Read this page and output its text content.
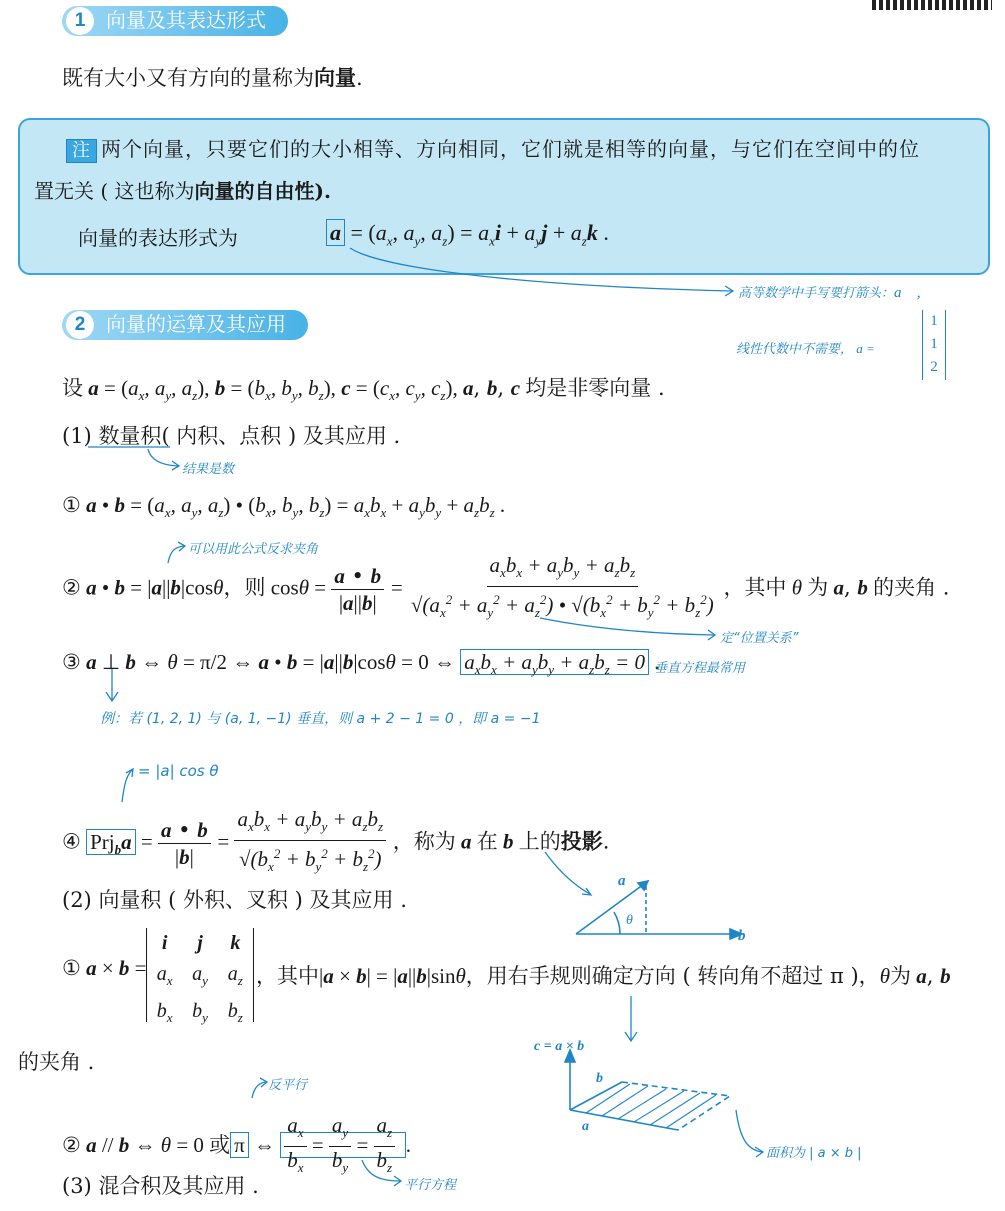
1	向量及其表达形式
既有大小又有方向的量称为向量.
注 两个向量，只要它们的大小相等、方向相同，它们就是相等的向量，与它们在空间中的位
置无关 ( 这也称为向量的自由性).
向量的表达形式为	$a = (a_x$, $a_y$, $a_z) = a_xi + a_yj + a_zk$ .
高等数学中手写要打箭头：a⃗ ,
2	向量的运算及其应用
线性代数中不需要， a =
1
1
2
设 $a = (a_x$, $a_y$, $a_z$), $b = (b_x$, $b_y$, $b_z$), $c = (c_x$, $c_y$, $c_z$), a, b, c 均是非零向量 .
(1) 数量积( 内积、点积 ) 及其应用 .
结果是数
① a • $b = (a_x$, $a_y$, $a_z$) • ($b_x$, $b_y$, $b_z) = a_xb_x + a_yb_y + a_zb_z$ .
可以用此公式反求夹角
② a • b = |a||b|cosθ，则 $\cos\theta = \frac{a • b}{|a||b|} = \frac{a_xb_x + a_yb_y + a_zb_z}{√(a_x^2 + a_y^2 + a_z^2) • √(b_x^2 + b_y^2 + b_z^2)}$ ，其中 θ 为 a, b 的夹角 .
定“位置关系”
③ a ⊥ b ⇔ θ = π/2 ⇔ a • b = |a||b|cosθ = 0 ⇔ $a_xb_x + a_yb_y + a_zb_z = 0$ .
垂直方程最常用
例：若 (1, 2, 1) 与 (a, 1, −1) 垂直，则 a + 2 − 1 = 0 ，即 a = −1
= |a| cos θ
④ $Prj_ba = \frac{a • b}{|b|} = \frac{a_xb_x + a_yb_y + a_zb_z}{√(b_x^2 + b_y^2 + b_z^2)}$ ，称为 a 在 b 上的投影.
a
θ
b
(2) 向量积 ( 外积、叉积 ) 及其应用 .
① a × b =
i	j	k
$a_x$ $a_y$ $a_z$
$b_x$ $b_y$ $b_z$
，其中|a × b| = |a||b|sinθ，用右手规则确定方向 ( 转向角不超过 π )，θ为 a, b
的夹角 .
c = a × b
b
a
面积为 | a × b |
反平行
② a // b ⇔ θ = 0 或 π ⇔ $\frac{a_x}{b_x} = \frac{a_y}{b_y} = \frac{a_z}{b_z}$ .
平行方程
(3) 混合积及其应用 .
